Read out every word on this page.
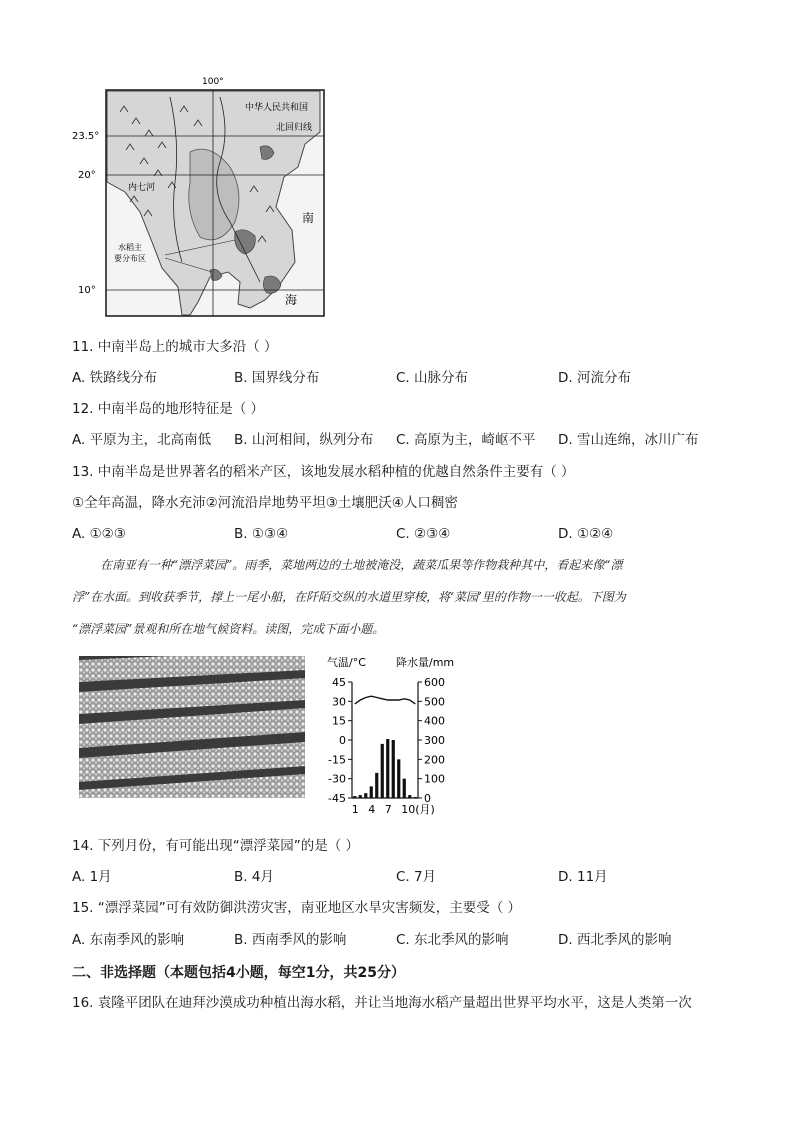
100°
23.5°
20°
10°
中华人民共和国
北回归线
内七河
南
海
水稻主
要分布区
11. 中南半岛上的城市大多沿（ ）
A. 铁路线分布	B. 国界线分布	C. 山脉分布	D. 河流分布
12. 中南半岛的地形特征是（ ）
A. 平原为主，北高南低 B. 山河相间，纵列分布 C. 高原为主，崎岖不平 D. 雪山连绵，冰川广布
13. 中南半岛是世界著名的稻米产区，该地发展水稻种植的优越自然条件主要有（ ）
①全年高温，降水充沛②河流沿岸地势平坦③土壤肥沃④人口稠密
A. ①②③	B. ①③④	C. ②③④	D. ①②④
在南亚有一种“漂浮菜园”。雨季，菜地两边的土地被淹没，蔬菜瓜果等作物栽种其中，看起来像“漂
浮”在水面。到收获季节，撑上一尾小船，在阡陌交纵的水道里穿梭，将‘菜园’里的作物一一收起。下图为
“漂浮菜园”景观和所在地气候资料。读图，完成下面小题。
气温/°C	降水量/mm
45
30
15
0
-15
-30
-45
600
500
400
300
200
100
0
1 4 7 10(月)
14. 下列月份，有可能出现“漂浮菜园”的是（ ）
A. 1月	B. 4月	C. 7月	D. 11月
15. “漂浮菜园”可有效防御洪涝灾害，南亚地区水旱灾害频发，主要受（ ）
A. 东南季风的影响	B. 西南季风的影响	C. 东北季风的影响	D. 西北季风的影响
二、非选择题（本题包括4小题，每空1分，共25分）
16. 袁隆平团队在迪拜沙漠成功种植出海水稻，并让当地海水稻产量超出世界平均水平，这是人类第一次
